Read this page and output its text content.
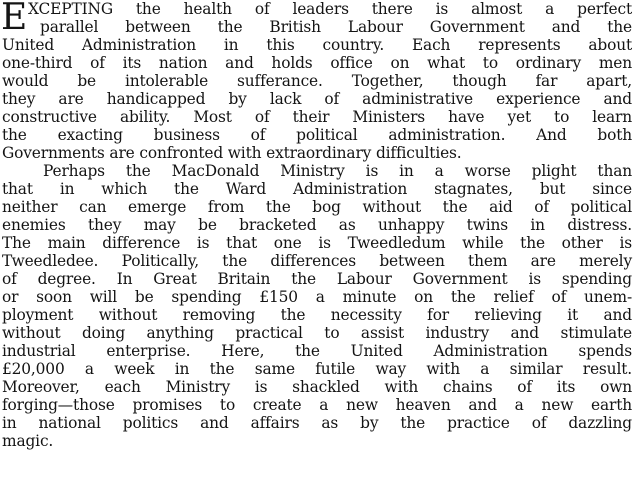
E XCEPTING the health of leaders there is almost a perfect
parallel between the British Labour Government and the
United Administration in this country. Each represents about
one-third of its nation and holds office on what to ordinary men
would be intolerable sufferance. Together, though far apart,
they are handicapped by lack of administrative experience and
constructive ability. Most of their Ministers have yet to learn
the exacting business of political administration. And both
Governments are confronted with extraordinary difficulties.
Perhaps the MacDonald Ministry is in a worse plight than
that in which the Ward Administration stagnates, but since
neither can emerge from the bog without the aid of political
enemies they may be bracketed as unhappy twins in distress.
The main difference is that one is Tweedledum while the other is
Tweedledee. Politically, the differences between them are merely
of degree. In Great Britain the Labour Government is spending
or soon will be spending £150 a minute on the relief of unem-
ployment without removing the necessity for relieving it and
without doing anything practical to assist industry and stimulate
industrial enterprise. Here, the United Administration spends
£20,000 a week in the same futile way with a similar result.
Moreover, each Ministry is shackled with chains of its own
forging—those promises to create a new heaven and a new earth
in national politics and affairs as by the practice of dazzling
magic.
